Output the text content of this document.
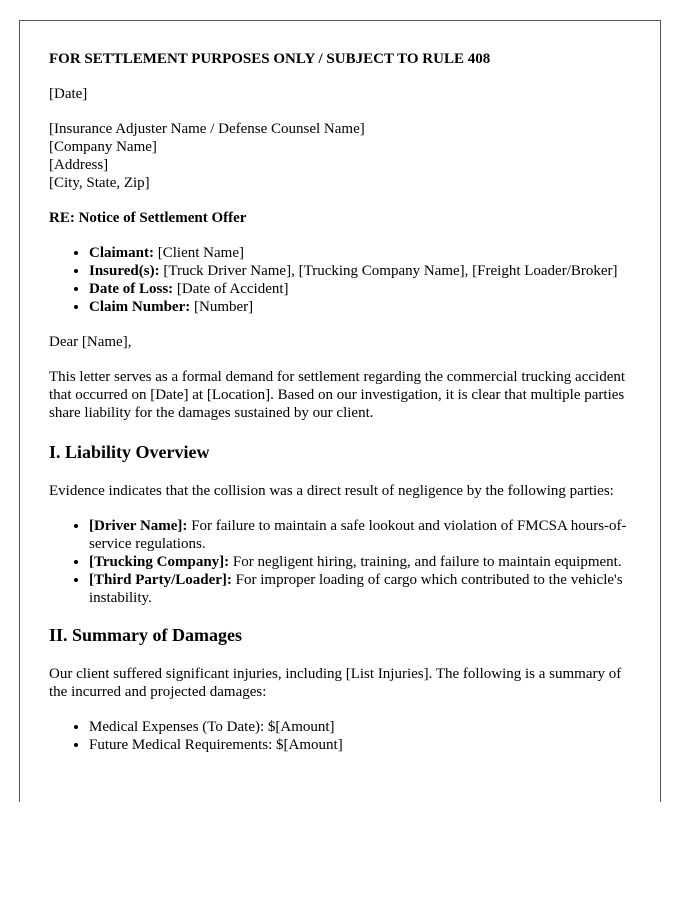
FOR SETTLEMENT PURPOSES ONLY / SUBJECT TO RULE 408

[Date]

[Insurance Adjuster Name / Defense Counsel Name]

[Company Name]

[Address]

[City, State, Zip]

RE: Notice of Settlement Offer

• Claimant: [Client Name]
• Insured(s): [Truck Driver Name], [Trucking Company Name], [Freight Loader/Broker]
• Date of Loss: [Date of Accident]
• Claim Number: [Number]

Dear [Name],

This letter serves as a formal demand for settlement regarding the commercial trucking accident that occurred on [Date] at [Location]. Based on our investigation, it is clear that multiple parties share liability for the damages sustained by our client.

I. Liability Overview

Evidence indicates that the collision was a direct result of negligence by the following parties:

• [Driver Name]: For failure to maintain a safe lookout and violation of FMCSA hours-of-service regulations.
• [Trucking Company]: For negligent hiring, training, and failure to maintain equipment.
• [Third Party/Loader]: For improper loading of cargo which contributed to the vehicle's instability.
II. Summary of Damages

Our client suffered significant injuries, including [List Injuries]. The following is a summary of the incurred and projected damages:

• Medical Expenses (To Date): $[Amount]
• Future Medical Requirements: $[Amount]
